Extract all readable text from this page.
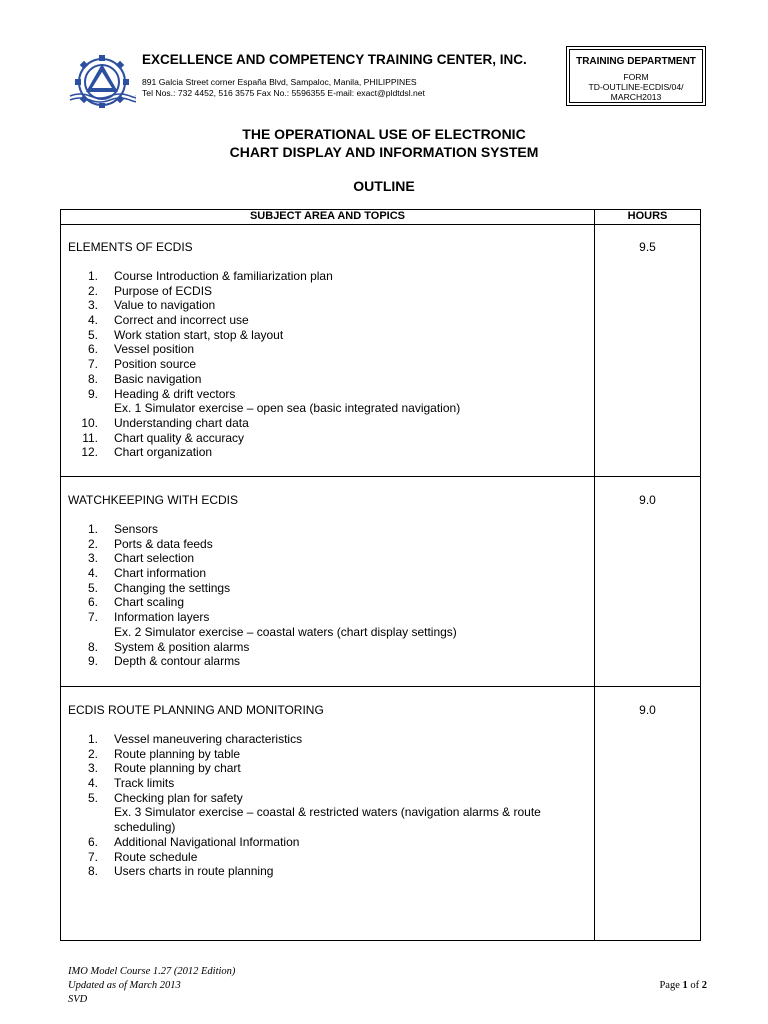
EXCELLENCE AND COMPETENCY TRAINING CENTER, INC.
891 Galcia Street corner España Blvd, Sampaloc, Manila, PHILIPPINES
Tel Nos.: 732 4452, 516 3575 Fax No.: 5596355 E-mail: exact@pldtdsl.net
TRAINING DEPARTMENT
FORM
TD-OUTLINE-ECDIS/04/
MARCH2013
THE OPERATIONAL USE OF ELECTRONIC
CHART DISPLAY AND INFORMATION SYSTEM
OUTLINE
SUBJECT AREA AND TOPICS	HOURS
ELEMENTS OF ECDIS	9.5
1. Course Introduction & familiarization plan
2. Purpose of ECDIS
3. Value to navigation
4. Correct and incorrect use
5. Work station start, stop & layout
6. Vessel position
7. Position source
8. Basic navigation
9. Heading & drift vectors
Ex. 1 Simulator exercise – open sea (basic integrated navigation)
10. Understanding chart data
11. Chart quality & accuracy
12. Chart organization
WATCHKEEPING WITH ECDIS	9.0
1. Sensors
2. Ports & data feeds
3. Chart selection
4. Chart information
5. Changing the settings
6. Chart scaling
7. Information layers
Ex. 2 Simulator exercise – coastal waters (chart display settings)
8. System & position alarms
9. Depth & contour alarms
ECDIS ROUTE PLANNING AND MONITORING	9.0
1. Vessel maneuvering characteristics
2. Route planning by table
3. Route planning by chart
4. Track limits
5. Checking plan for safety
Ex. 3 Simulator exercise – coastal & restricted waters (navigation alarms & route
scheduling)
6. Additional Navigational Information
7. Route schedule
8. Users charts in route planning
IMO Model Course 1.27 (2012 Edition)
Updated as of March 2013
SVD
Page 1 of 2
